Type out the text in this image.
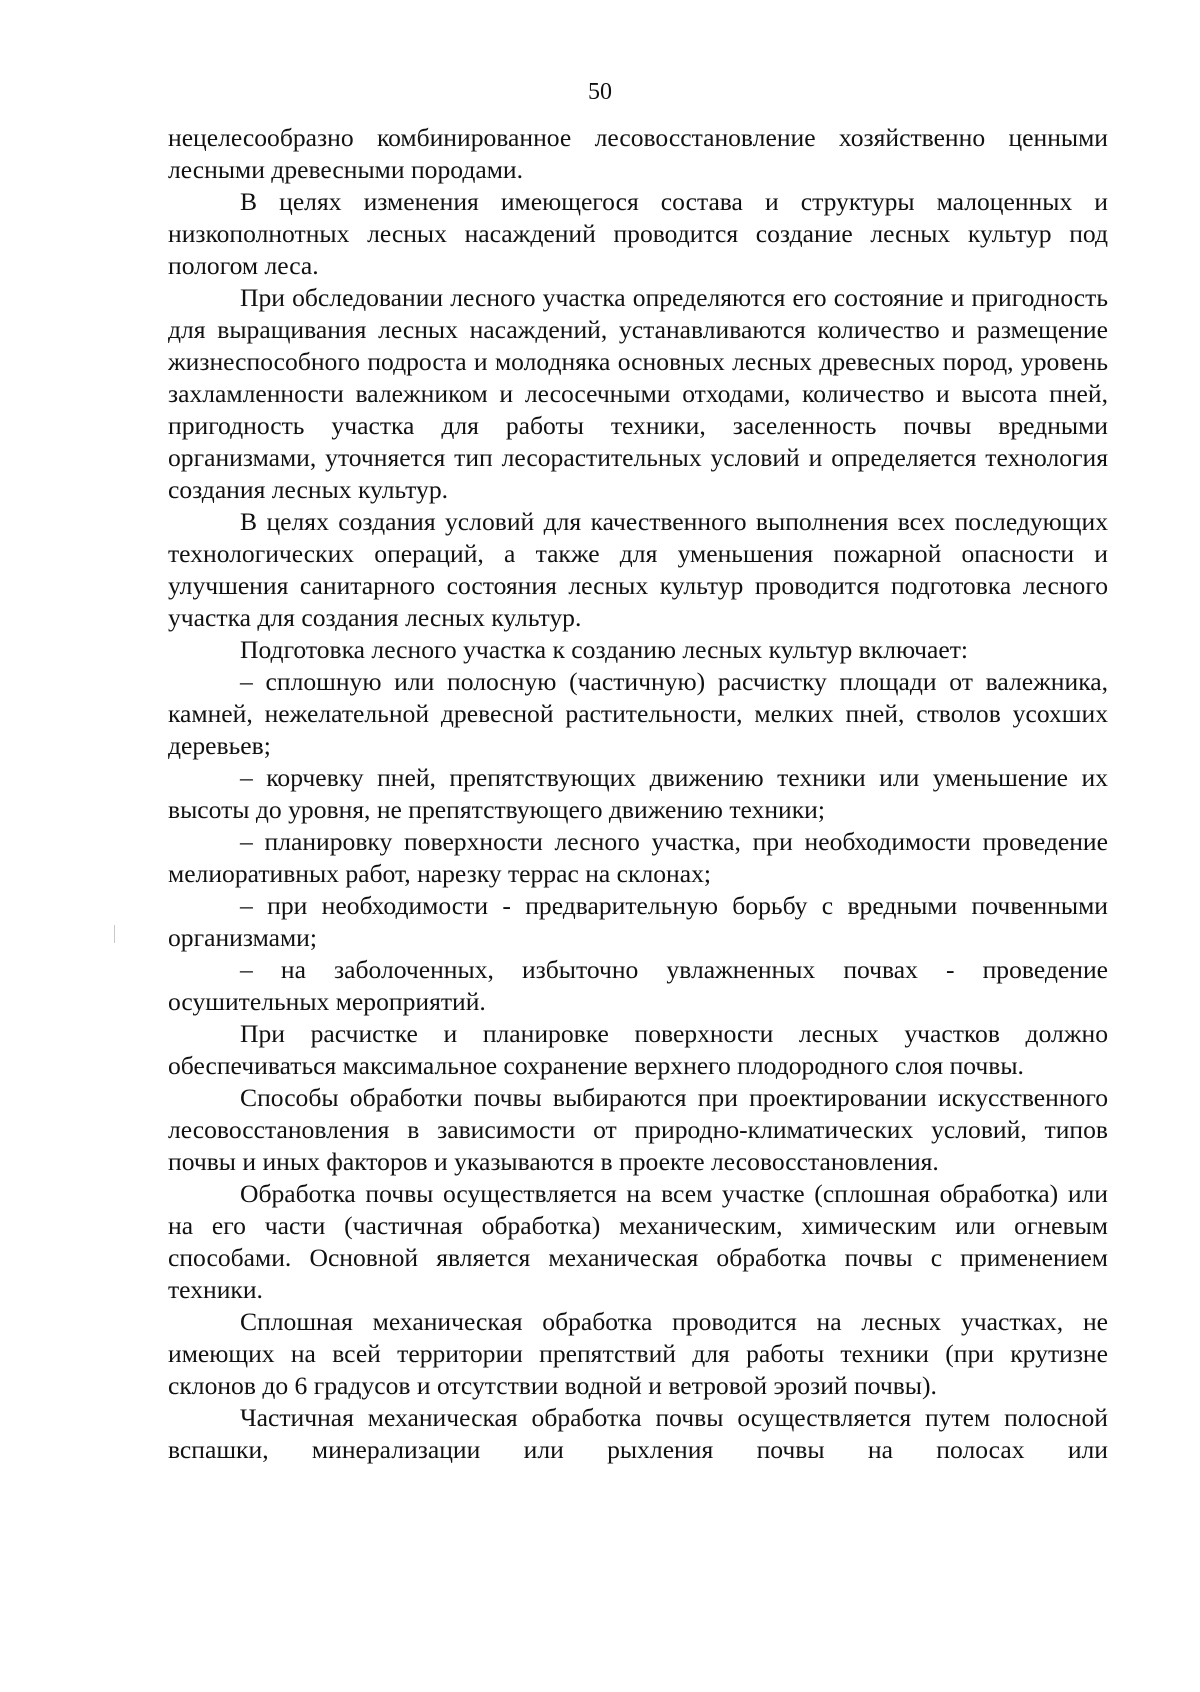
50

нецелесообразно комбинированное лесовосстановление хозяйственно ценными лесными древесными породами.

В целях изменения имеющегося состава и структуры малоценных и низкополнотных лесных насаждений проводится создание лесных культур под пологом леса.

При обследовании лесного участка определяются его состояние и пригодность для выращивания лесных насаждений, устанавливаются количество и размещение жизнеспособного подроста и молодняка основных лесных древесных пород, уровень захламленности валежником и лесосечными отходами, количество и высота пней, пригодность участка для работы техники, заселенность почвы вредными организмами, уточняется тип лесорастительных условий и определяется технология создания лесных культур.

В целях создания условий для качественного выполнения всех последующих технологических операций, а также для уменьшения пожарной опасности и улучшения санитарного состояния лесных культур проводится подготовка лесного участка для создания лесных культур.

Подготовка лесного участка к созданию лесных культур включает:

– сплошную или полосную (частичную) расчистку площади от валежника, камней, нежелательной древесной растительности, мелких пней, стволов усохших деревьев;

– корчевку пней, препятствующих движению техники или уменьшение их высоты до уровня, не препятствующего движению техники;

– планировку поверхности лесного участка, при необходимости проведение мелиоративных работ, нарезку террас на склонах;

– при необходимости - предварительную борьбу с вредными почвенными организмами;

– на заболоченных, избыточно увлажненных почвах - проведение осушительных мероприятий.

При расчистке и планировке поверхности лесных участков должно обеспечиваться максимальное сохранение верхнего плодородного слоя почвы.

Способы обработки почвы выбираются при проектировании искусственного лесовосстановления в зависимости от природно-климатических условий, типов почвы и иных факторов и указываются в проекте лесовосстановления.

Обработка почвы осуществляется на всем участке (сплошная обработка) или на его части (частичная обработка) механическим, химическим или огневым способами. Основной является механическая обработка почвы с применением техники.

Сплошная механическая обработка проводится на лесных участках, не имеющих на всей территории препятствий для работы техники (при крутизне склонов до 6 градусов и отсутствии водной и ветровой эрозий почвы).

Частичная механическая обработка почвы осуществляется путем полосной вспашки, минерализации или рыхления почвы на полосах или
